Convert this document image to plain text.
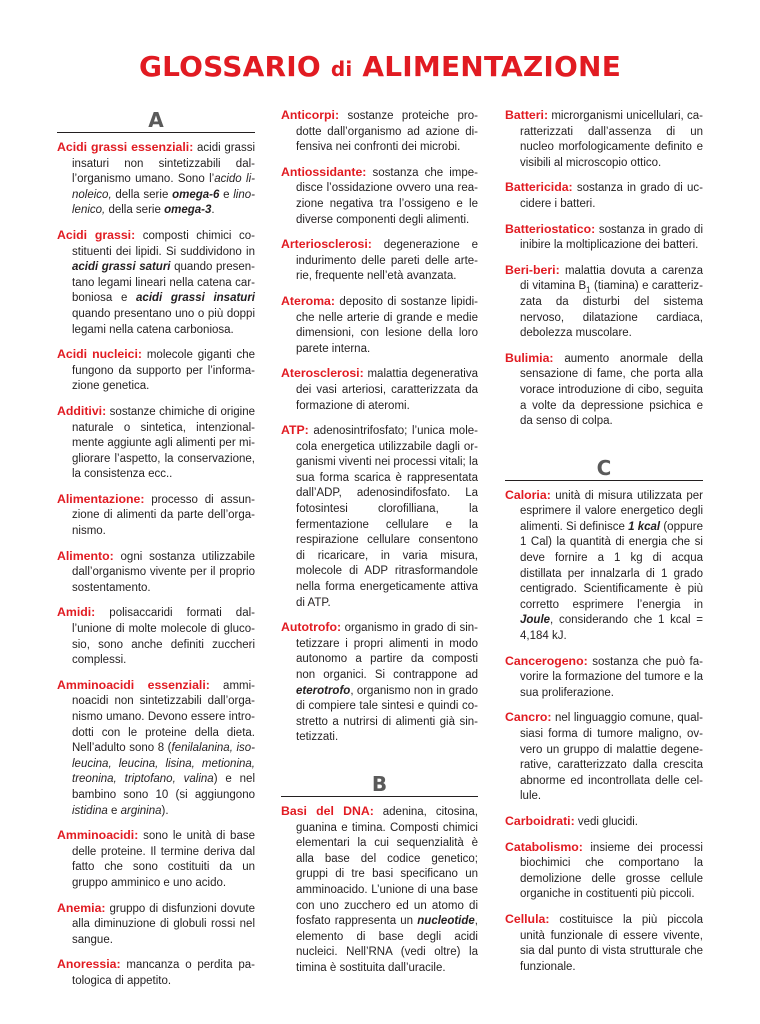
GLOSSARIO di ALIMENTAZIONE
A
Acidi grassi essenziali: acidi grassi insaturi non sintetizzabili dall’organismo umano. Sono l’acido linoleico, della serie omega-6 e linolenico, della serie omega-3.
Acidi grassi: composti chimici costituenti dei lipidi. Si suddividono in acidi grassi saturi quando presentano legami lineari nella catena carboniosa e acidi grassi insaturi quando presentano uno o più doppi legami nella catena carboniosa.
Acidi nucleici: molecole giganti che fungono da supporto per l’informazione genetica.
Additivi: sostanze chimiche di origine naturale o sintetica, intenzionalmente aggiunte agli alimenti per migliorare l’aspetto, la conservazione, la consistenza ecc..
Alimentazione: processo di assunzione di alimenti da parte dell’organismo.
Alimento: ogni sostanza utilizzabile dall’organismo vivente per il proprio sostentamento.
Amidi: polisaccaridi formati dall’unione di molte molecole di glucosio, sono anche definiti zuccheri complessi.
Amminoacidi essenziali: amminoacidi non sintetizzabili dall’organismo umano. Devono essere introdotti con le proteine della dieta. Nell’adulto sono 8 (fenilalanina, isoleucina, leucina, lisina, metionina, treonina, triptofano, valina) e nel bambino sono 10 (si aggiungono istidina e arginina).
Amminoacidi: sono le unità di base delle proteine. Il termine deriva dal fatto che sono costituiti da un gruppo amminico e uno acido.
Anemia: gruppo di disfunzioni dovute alla diminuzione di globuli rossi nel sangue.
Anoressia: mancanza o perdita patologica di appetito.
Anticorpi: sostanze proteiche prodotte dall’organismo ad azione difensiva nei confronti dei microbi.
Antiossidante: sostanza che impedisce l’ossidazione ovvero una reazione negativa tra l’ossigeno e le diverse componenti degli alimenti.
Arteriosclerosi: degenerazione e indurimento delle pareti delle arterie, frequente nell’età avanzata.
Ateroma: deposito di sostanze lipidiche nelle arterie di grande e medie dimensioni, con lesione della loro parete interna.
Aterosclerosi: malattia degenerativa dei vasi arteriosi, caratterizzata da formazione di ateromi.
ATP: adenosintrifosfato; l’unica molecola energetica utilizzabile dagli organismi viventi nei processi vitali; la sua forma scarica è rappresentata dall’ADP, adenosindifosfato. La fotosintesi clorofilliana, la fermentazione cellulare e la respirazione cellulare consentono di ricaricare, in varia misura, molecole di ADP ritrasformandole nella forma energeticamente attiva di ATP.
Autotrofo: organismo in grado di sintetizzare i propri alimenti in modo autonomo a partire da composti non organici. Si contrappone ad eterotrofo, organismo non in grado di compiere tale sintesi e quindi costretto a nutrirsi di alimenti già sintetizzati.
B
Basi del DNA: adenina, citosina, guanina e timina. Composti chimici elementari la cui sequenzialità è alla base del codice genetico; gruppi di tre basi specificano un amminoacido. L’unione di una base con uno zucchero ed un atomo di fosfato rappresenta un nucleotide, elemento di base degli acidi nucleici. Nell’RNA (vedi oltre) la timina è sostituita dall’uracile.
Batteri: microrganismi unicellulari, caratterizzati dall’assenza di un nucleo morfologicamente definito e visibili al microscopio ottico.
Battericida: sostanza in grado di uccidere i batteri.
Batteriostatico: sostanza in grado di inibire la moltiplicazione dei batteri.
Beri-beri: malattia dovuta a carenza di vitamina $B_1$ (tiamina) e caratterizzata da disturbi del sistema nervoso, dilatazione cardiaca, debolezza muscolare.
Bulimia: aumento anormale della sensazione di fame, che porta alla vorace introduzione di cibo, seguita a volte da depressione psichica e da senso di colpa.
C
Caloria: unità di misura utilizzata per esprimere il valore energetico degli alimenti. Si definisce 1 kcal (oppure 1 Cal) la quantità di energia che si deve fornire a 1 kg di acqua distillata per innalzarla di 1 grado centigrado. Scientificamente è più corretto esprimere l’energia in Joule, considerando che 1 kcal = 4,184 kJ.
Cancerogeno: sostanza che può favorire la formazione del tumore e la sua proliferazione.
Cancro: nel linguaggio comune, qualsiasi forma di tumore maligno, ovvero un gruppo di malattie degenerative, caratterizzato dalla crescita abnorme ed incontrollata delle cellule.
Carboidrati: vedi glucidi.
Catabolismo: insieme dei processi biochimici che comportano la demolizione delle grosse cellule organiche in costituenti più piccoli.
Cellula: costituisce la più piccola unità funzionale di essere vivente, sia dal punto di vista strutturale che funzionale.
